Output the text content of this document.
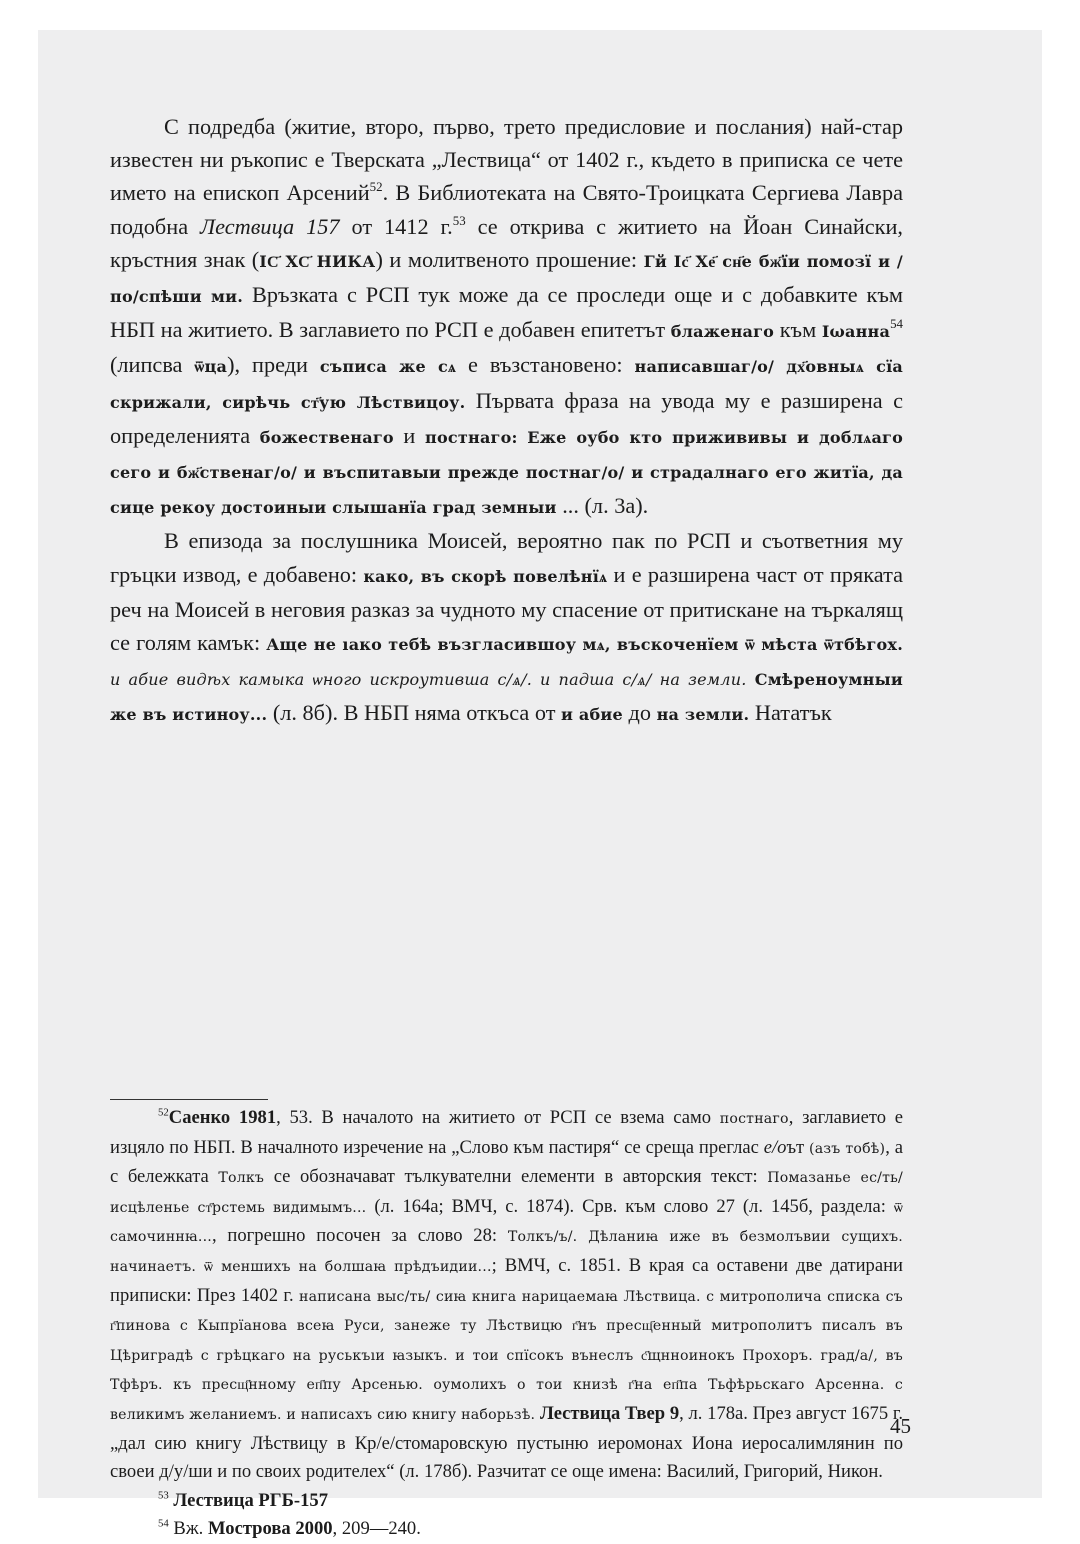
С подредба (житие, второ, първо, трето предисловие и послания) най-стар известен ни ръкопис е Тверската „Лествица“ от 1402 г., където в приписка се чете името на епископ Арсений$^{52}$. В Библиотеката на Свято-Троицката Сергиева Лавра подобна Лествица 157 от 1412 г.$^{53}$ се открива с житието на Йоан Синайски, кръстния знак (ІС҃ ХС҃ НИКА) и молитвеното прошение: Гй Іс҃ Хе҃ сн҃е бж҃їи помозї и / по/спѣши ми. Връзката с РСП тук може да се проследи още и с добавките към НБП на житието. В заглавието по РСП е добавен епитетът блаженаго към Іωанна$^{54}$ (липсва ѿца), преди съписа же сѧ е възстановено: написавшаг/о/ дх҃овныѧ сїа скрижали, сирѣчь ст҃ую Лѣствицоу. Първата фраза на увода му е разширена с определенията божественаго и постнаго: Еже оубо кто прижививы и доблѧаго сего и бж҃ственаг/о/ и въспитавыи прежде постнаг/о/ и страдалнаго его житїа, да сице рекоу достоиныи слышанїа град земныи ... (л. 3а).

В епизода за послушника Моисей, вероятно пак по РСП и съответния му гръцки извод, е добавено: како, въ скорѣ повелѣнїѧ и е разширена част от пряката реч на Моисей в неговия разказ за чудното му спасение от притискане на търкалящ се голям камък: Аще не ıако тебѣ възгласившоу мѧ, въскоченїем ѿ мѣста ѿтбѣгох. и абие видѣх камыка ѡного искроутивша с/ѧ/. и падша с/ѧ/ на земли. Смѣреноумныи же въ истиноу... (л. 8б). В НБП няма откъса от и абие до на земли. Нататък

$^{52}$Саенко 1981, 53. В началото на житието от РСП се взема само постнаго, заглавието е изцяло по НБП. В началното изречение на „Слово към пастиря“ се среща преглас е/оът (азъ тобѣ), а с бележката Толкъ се обозначават тълкувателни елементи в авторския текст: Помазанье ес/ть/ исцѣленье ст҃рстемь видимымъ... (л. 164а; ВМЧ, с. 1874). Срв. към слово 27 (л. 145б, раздела: ѿ самочиннꙗ..., погрешно посочен за слово 28: Толкъ/ъ/. Дѣланиꙗ иже въ безмолъвии сущихъ. начинаетъ. ѿ меншихъ на болшаꙗ прѣдъидии...; ВМЧ, с. 1851. В края са оставени две датирани приписки: През 1402 г. написана выс/ть/ сиꙗ книга нарицаемаꙗ Лѣствица. с митрополича списка съ г҃пинова с Кыпрїанова всеꙗ Руси, занеже ту Лѣствицю г҃нъ пресщ҃енный митрополитъ писалъ въ Цѣриградѣ с грѣцкаго на руськъıи ꙗзыкъ. и тои спїсокъ вънеслъ с҃щнноинокъ Прохоръ. град/а/, въ Тфѣръ. къ пресщ҃нному еп҃пу Арсенью. оумолихъ о тои книзѣ г҃на еп҃па Тьфѣрьскаго Арсенна. с великимъ желаниемъ. и написахъ сию книгу наборьзѣ. Лествица Твер 9, л. 178а. През август 1675 г. „дал сию книгу Лѣствицу в Кр/е/стомаровскую пустыню иеромонах Иона иеросалимлянин по своеи д/у/ши и по своих родителех“ (л. 178б). Разчитат се още имена: Василий, Григорий, Никон.

$^{53}$ Лествица РГБ-157

$^{54}$ Вж. Мострова 2000, 209—240.

45
